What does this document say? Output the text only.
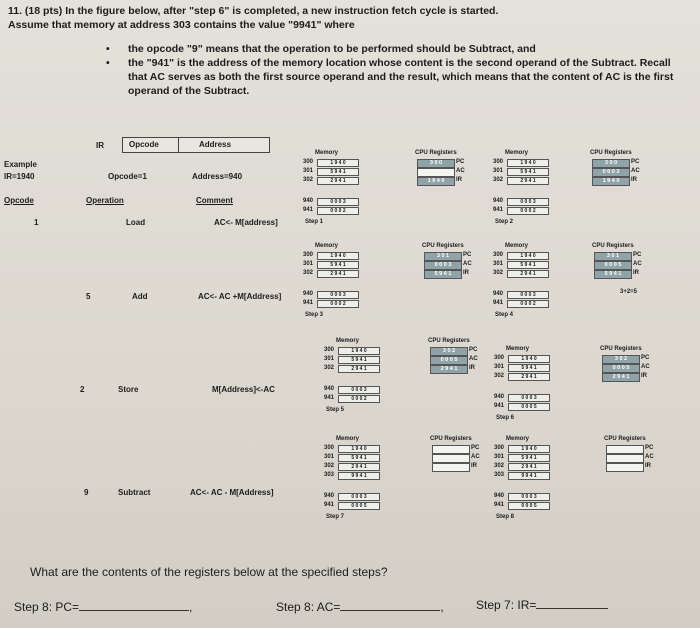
11. (18 pts) In the figure below, after "step 6" is completed, a new instruction fetch cycle is started.
Assume that memory at address 303 contains the value "9941" where
• the opcode "9" means that the operation to be performed should be Subtract, and
• the "941" is the address of the memory location whose content is the second operand of the Subtract. Recall that AC serves as both the first source operand and the result, which means that the content of AC is the first operand of the Subtract.
IR	Opcode	Address
Example
IR=1940	Opcode=1	Address=940
Opcode	Operation	Comment
1	Load	AC<- M[address]
5	Add	AC<- AC +M[Address]
2	Store	M[Address]<-AC
9	Subtract	AC<- AC - M[Address]
Memory
300	1 9 4 0
301	5 9 4 1
302	2 9 4 1
940	0 0 0 3
941	0 0 0 2
Step 1
CPU Registers
3 0 0	PC
AC
1 9 4 0	IR
Memory
300	1 9 4 0
301	5 9 4 1
302	2 9 4 1
940	0 0 0 3
941	0 0 0 2
Step 2
CPU Registers
3 0 0	PC
0 0 0 3	AC
1 9 4 0	IR
Memory
300	1 9 4 0
301	5 9 4 1
302	2 9 4 1
940	0 0 0 3
941	0 0 0 2
Step 3
CPU Registers
3 0 1	PC
0 0 0 3	AC
5 9 4 1	IR
Memory
300	1 9 4 0
301	5 9 4 1
302	2 9 4 1
940	0 0 0 3
941	0 0 0 2
Step 4
CPU Registers
3 0 1	PC
0 0 0 5	AC
5 9 4 1	IR
3+2=5
Memory
300	1 9 4 0
301	5 9 4 1
302	2 9 4 1
940	0 0 0 3
941	0 0 0 2
Step 5
CPU Registers
3 0 2	PC
0 0 0 5	AC
2 9 4 1	IR
Memory
300	1 9 4 0
301	5 9 4 1
302	2 9 4 1
940	0 0 0 3
941	0 0 0 5
Step 6
CPU Registers
3 0 2	PC
0 0 0 5	AC
2 9 4 1	IR
Memory
300	1 9 4 0
301	5 9 4 1
302	2 9 4 1
303	9 9 4 1
940	0 0 0 3
941	0 0 0 5
Step 7
CPU Registers
PC
AC
IR
Memory
300	1 9 4 0
301	5 9 4 1
302	2 9 4 1
303	9 9 4 1
940	0 0 0 3
941	0 0 0 5
Step 8
CPU Registers
PC
AC
IR
What are the contents of the registers below at the specified steps?
Step 8: PC=	,	Step 8: AC=	,	Step 7: IR=
